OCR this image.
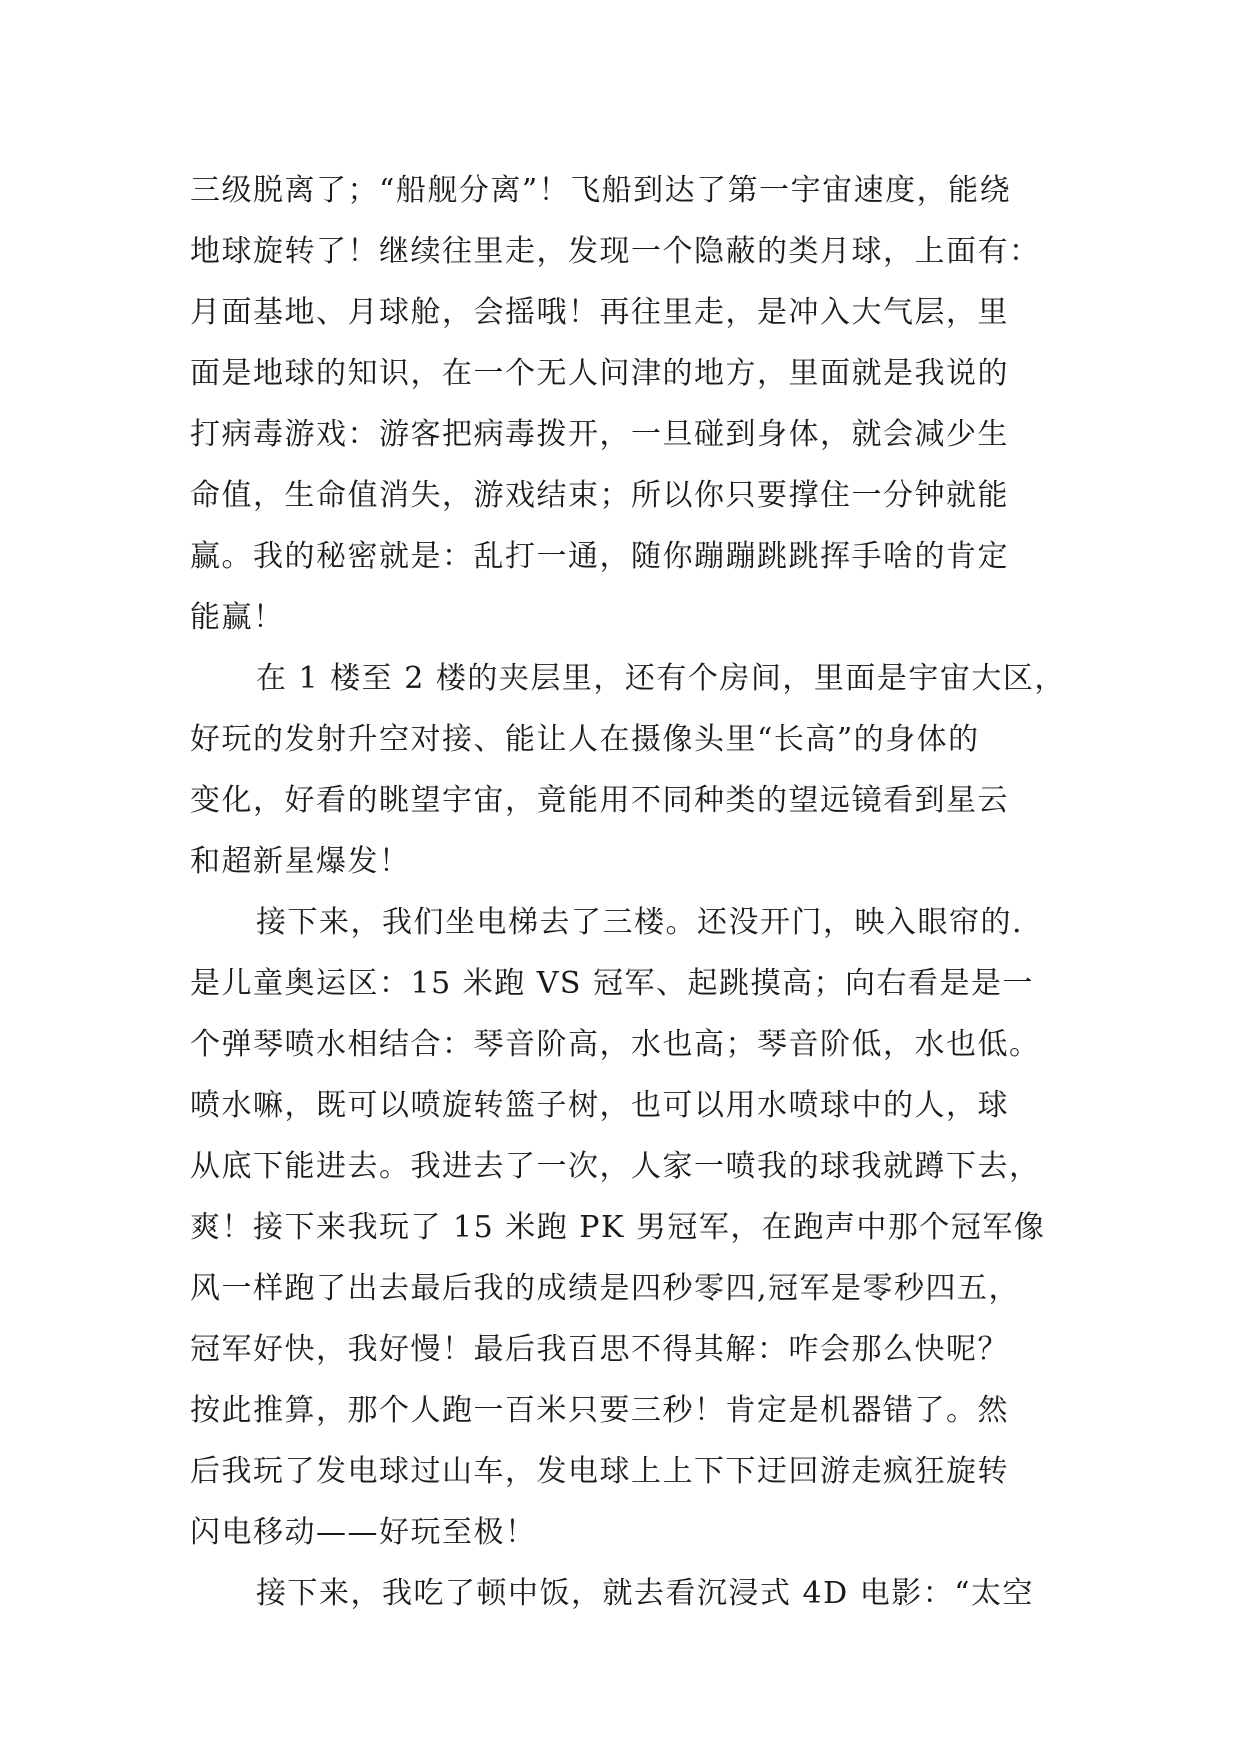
三级脱离了；“船舰分离”！飞船到达了第一宇宙速度，能绕
地球旋转了！继续往里走，发现一个隐蔽的类月球，上面有：
月面基地、月球舱，会摇哦！再往里走，是冲入大气层，里
面是地球的知识，在一个无人问津的地方，里面就是我说的
打病毒游戏：游客把病毒拨开，一旦碰到身体，就会减少生
命值，生命值消失，游戏结束；所以你只要撑住一分钟就能
赢。我的秘密就是：乱打一通，随你蹦蹦跳跳挥手啥的肯定
能赢！
在 1 楼至 2 楼的夹层里，还有个房间，里面是宇宙大区，
好玩的发射升空对接、能让人在摄像头里“长高”的身体的
变化，好看的眺望宇宙，竟能用不同种类的望远镜看到星云
和超新星爆发！
接下来，我们坐电梯去了三楼。还没开门，映入眼帘的.
是儿童奥运区：15 米跑 VS 冠军、起跳摸高；向右看是是一
个弹琴喷水相结合：琴音阶高，水也高；琴音阶低，水也低。
喷水嘛，既可以喷旋转篮子树，也可以用水喷球中的人，球
从底下能进去。我进去了一次，人家一喷我的球我就蹲下去，
爽！接下来我玩了 15 米跑 PK 男冠军，在跑声中那个冠军像
风一样跑了出去最后我的成绩是四秒零四,冠军是零秒四五，
冠军好快，我好慢！最后我百思不得其解：咋会那么快呢？
按此推算，那个人跑一百米只要三秒！肯定是机器错了。然
后我玩了发电球过山车，发电球上上下下迂回游走疯狂旋转
闪电移动——好玩至极！
接下来，我吃了顿中饭，就去看沉浸式 4D 电影：“太空
